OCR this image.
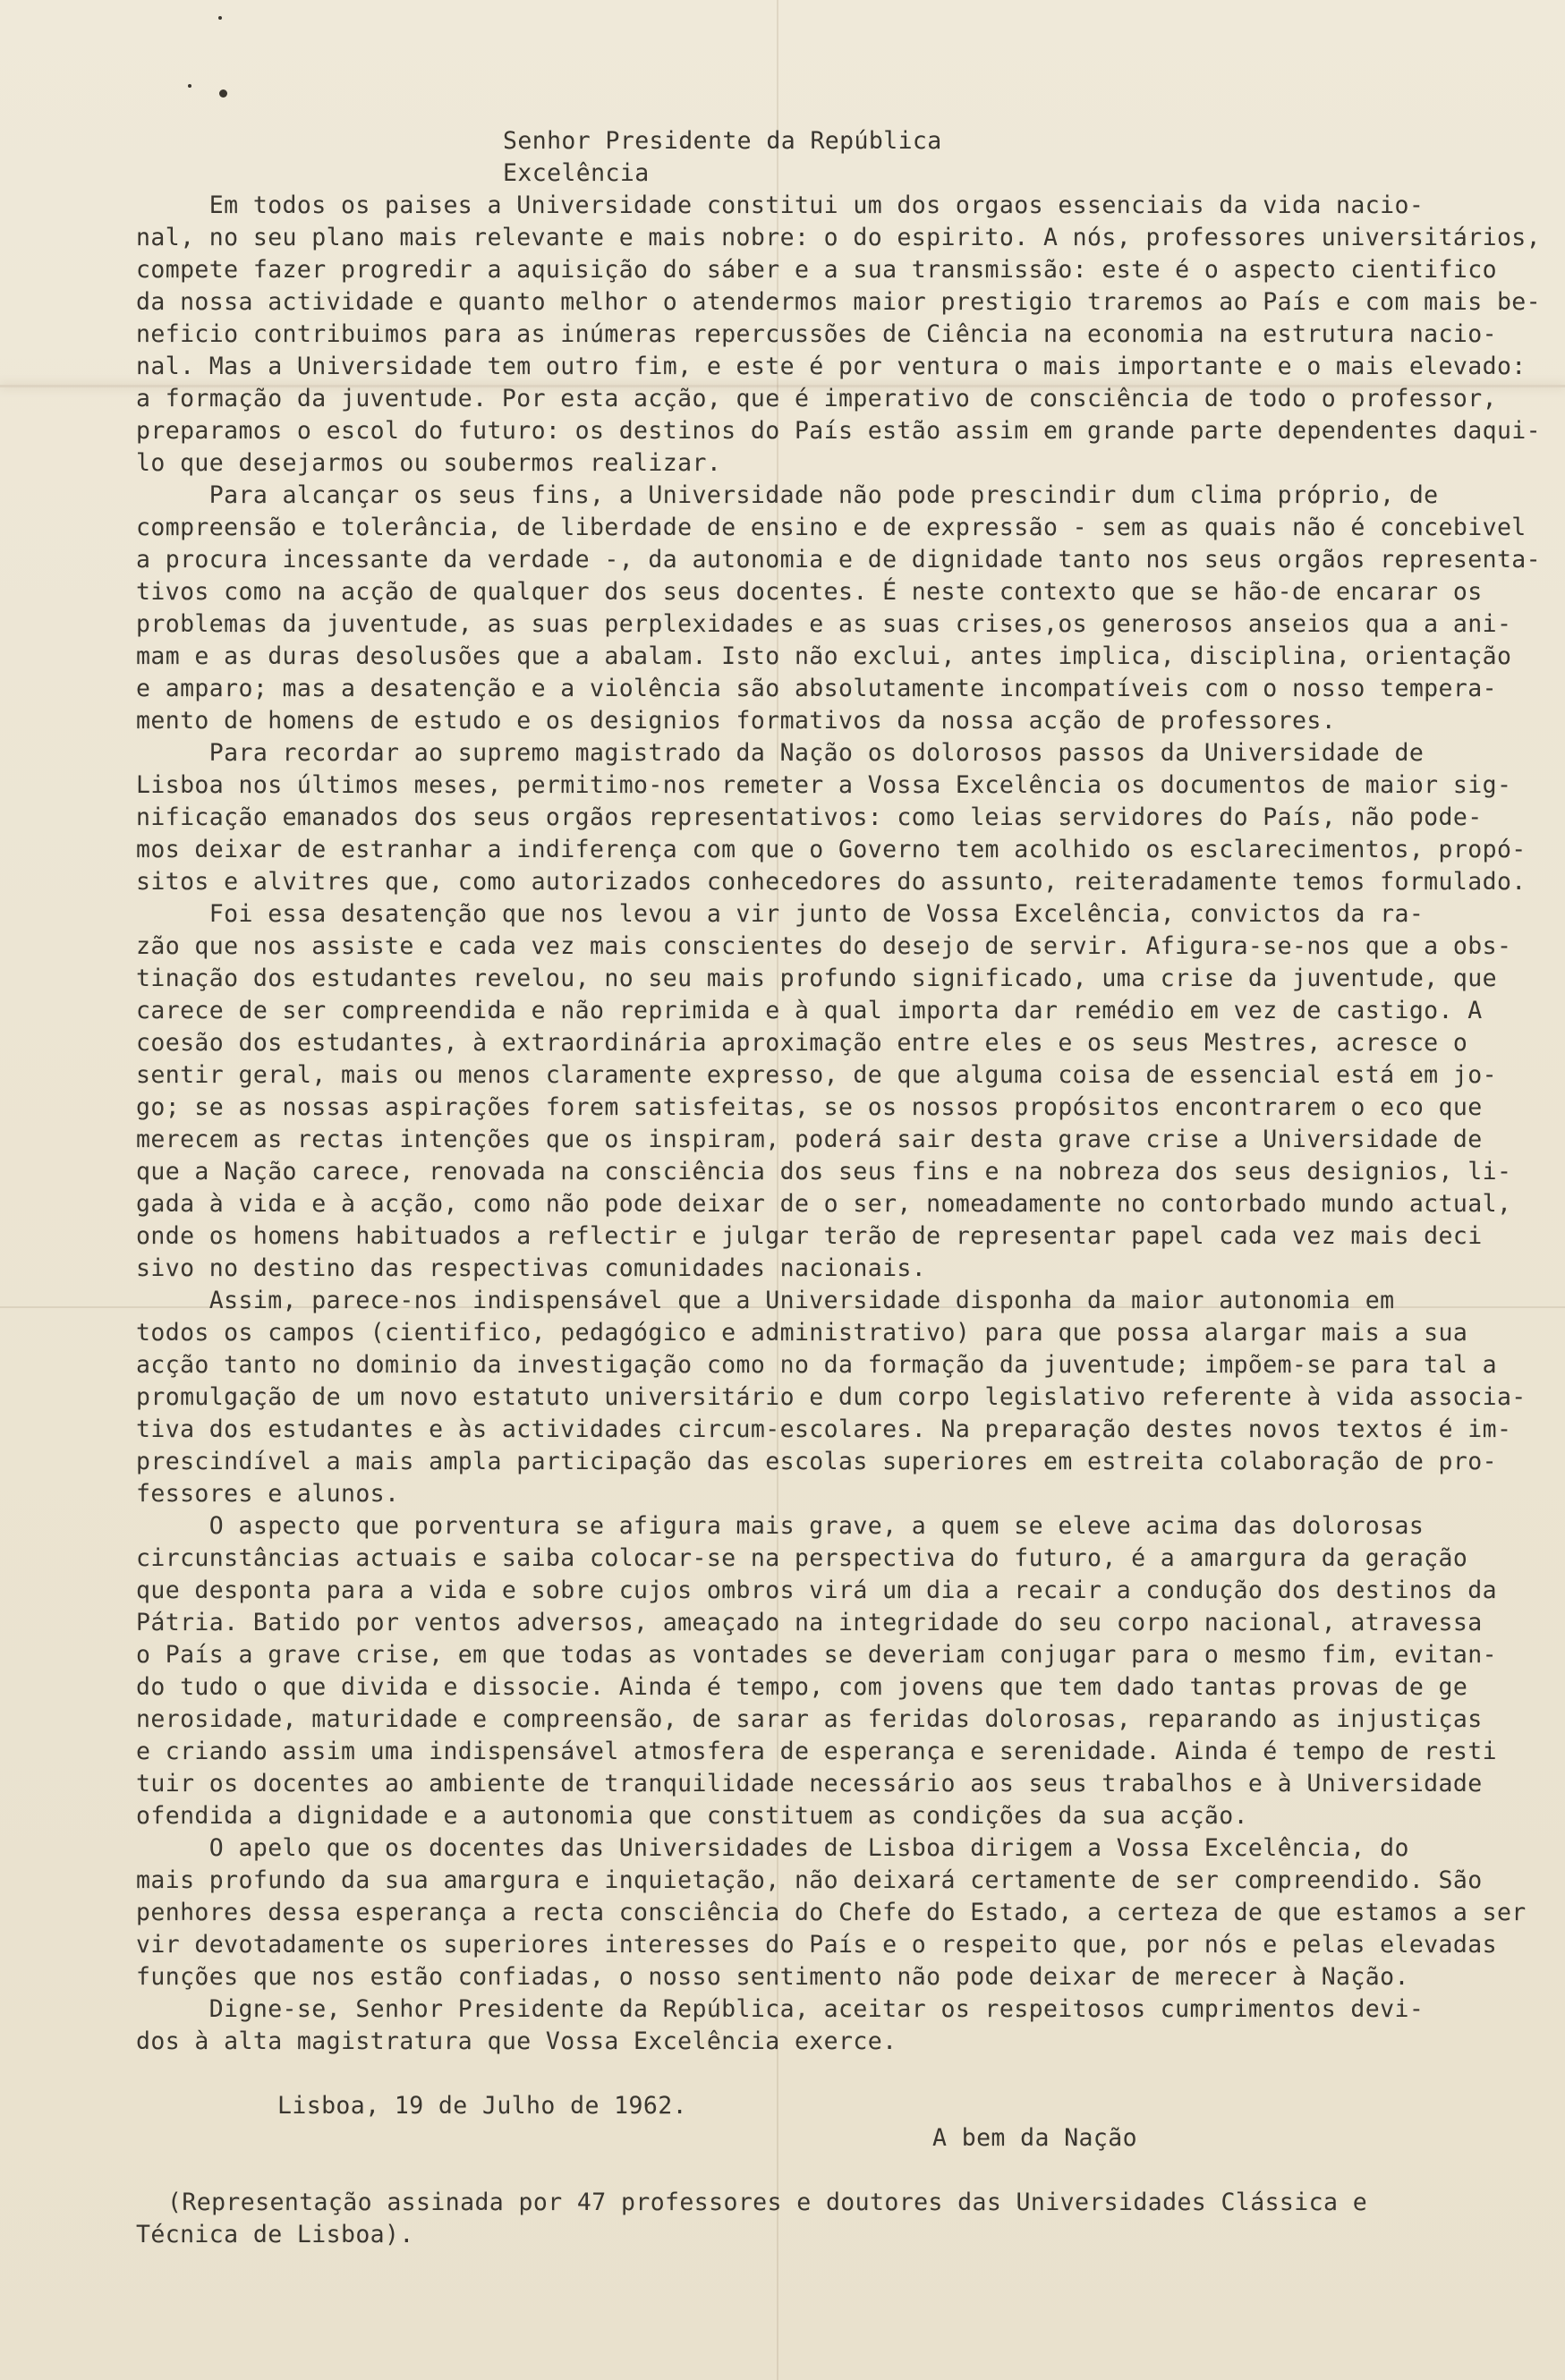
Senhor Presidente da República
Excelência
Em todos os paises a Universidade constitui um dos orgaos essenciais da vida nacio-
nal, no seu plano mais relevante e mais nobre: o do espirito. A nós, professores universitários,
compete fazer progredir a aquisição do sáber e a sua transmissão: este é o aspecto cientifico
da nossa actividade e quanto melhor o atendermos maior prestigio traremos ao País e com mais be-
neficio contribuimos para as inúmeras repercussões de Ciência na economia na estrutura nacio-
nal. Mas a Universidade tem outro fim, e este é por ventura o mais importante e o mais elevado:
a formação da juventude. Por esta acção, que é imperativo de consciência de todo o professor,
preparamos o escol do futuro: os destinos do País estão assim em grande parte dependentes daqui-
lo que desejarmos ou soubermos realizar.
Para alcançar os seus fins, a Universidade não pode prescindir dum clima próprio, de
compreensão e tolerância, de liberdade de ensino e de expressão - sem as quais não é concebivel
a procura incessante da verdade -, da autonomia e de dignidade tanto nos seus orgãos representa-
tivos como na acção de qualquer dos seus docentes. É neste contexto que se hão-de encarar os
problemas da juventude, as suas perplexidades e as suas crises,os generosos anseios qua a ani-
mam e as duras desolusões que a abalam. Isto não exclui, antes implica, disciplina, orientação
e amparo; mas a desatenção e a violência são absolutamente incompatíveis com o nosso tempera-
mento de homens de estudo e os designios formativos da nossa acção de professores.
Para recordar ao supremo magistrado da Nação os dolorosos passos da Universidade de
Lisboa nos últimos meses, permitimo-nos remeter a Vossa Excelência os documentos de maior sig-
nificação emanados dos seus orgãos representativos: como leias servidores do País, não pode-
mos deixar de estranhar a indiferença com que o Governo tem acolhido os esclarecimentos, propó-
sitos e alvitres que, como autorizados conhecedores do assunto, reiteradamente temos formulado.
Foi essa desatenção que nos levou a vir junto de Vossa Excelência, convictos da ra-
zão que nos assiste e cada vez mais conscientes do desejo de servir. Afigura-se-nos que a obs-
tinação dos estudantes revelou, no seu mais profundo significado, uma crise da juventude, que
carece de ser compreendida e não reprimida e à qual importa dar remédio em vez de castigo. A
coesão dos estudantes, à extraordinária aproximação entre eles e os seus Mestres, acresce o
sentir geral, mais ou menos claramente expresso, de que alguma coisa de essencial está em jo-
go; se as nossas aspirações forem satisfeitas, se os nossos propósitos encontrarem o eco que
merecem as rectas intenções que os inspiram, poderá sair desta grave crise a Universidade de
que a Nação carece, renovada na consciência dos seus fins e na nobreza dos seus designios, li-
gada à vida e à acção, como não pode deixar de o ser, nomeadamente no contorbado mundo actual,
onde os homens habituados a reflectir e julgar terão de representar papel cada vez mais deci
sivo no destino das respectivas comunidades nacionais.
Assim, parece-nos indispensável que a Universidade disponha da maior autonomia em
todos os campos (cientifico, pedagógico e administrativo) para que possa alargar mais a sua
acção tanto no dominio da investigação como no da formação da juventude; impõem-se para tal a
promulgação de um novo estatuto universitário e dum corpo legislativo referente à vida associa-
tiva dos estudantes e às actividades circum-escolares. Na preparação destes novos textos é im-
prescindível a mais ampla participação das escolas superiores em estreita colaboração de pro-
fessores e alunos.
O aspecto que porventura se afigura mais grave, a quem se eleve acima das dolorosas
circunstâncias actuais e saiba colocar-se na perspectiva do futuro, é a amargura da geração
que desponta para a vida e sobre cujos ombros virá um dia a recair a condução dos destinos da
Pátria. Batido por ventos adversos, ameaçado na integridade do seu corpo nacional, atravessa
o País a grave crise, em que todas as vontades se deveriam conjugar para o mesmo fim, evitan-
do tudo o que divida e dissocie. Ainda é tempo, com jovens que tem dado tantas provas de ge
nerosidade, maturidade e compreensão, de sarar as feridas dolorosas, reparando as injustiças
e criando assim uma indispensável atmosfera de esperança e serenidade. Ainda é tempo de resti
tuir os docentes ao ambiente de tranquilidade necessário aos seus trabalhos e à Universidade
ofendida a dignidade e a autonomia que constituem as condições da sua acção.
O apelo que os docentes das Universidades de Lisboa dirigem a Vossa Excelência, do
mais profundo da sua amargura e inquietação, não deixará certamente de ser compreendido. São
penhores dessa esperança a recta consciência do Chefe do Estado, a certeza de que estamos a ser
vir devotadamente os superiores interesses do País e o respeito que, por nós e pelas elevadas
funções que nos estão confiadas, o nosso sentimento não pode deixar de merecer à Nação.
Digne-se, Senhor Presidente da República, aceitar os respeitosos cumprimentos devi-
dos à alta magistratura que Vossa Excelência exerce.
Lisboa, 19 de Julho de 1962.
A bem da Nação
(Representação assinada por 47 professores e doutores das Universidades Clássica e
Técnica de Lisboa).
